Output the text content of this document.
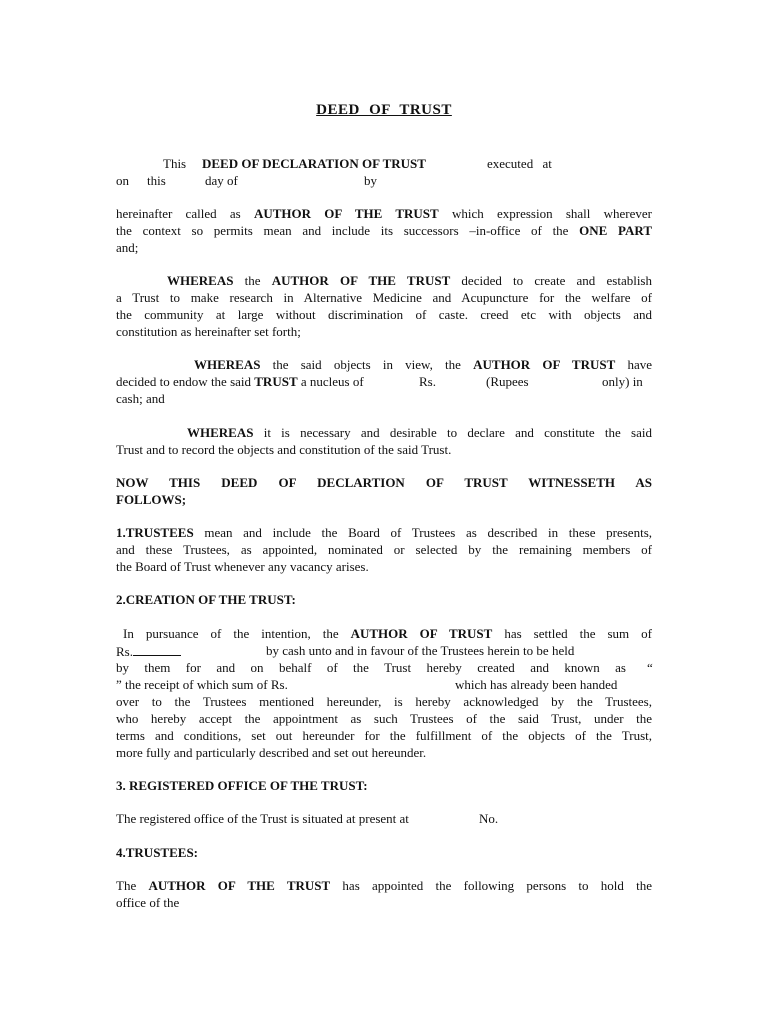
DEED OF TRUST
This DEED OF DECLARATION OF TRUST	executed at
on this	day of	by
hereinafter called as AUTHOR OF THE TRUST which expression shall wherever
the context so permits mean and include its successors –in-office of the ONE PART
and;
WHEREAS the AUTHOR OF THE TRUST decided to create and establish
a Trust to make research in Alternative Medicine and Acupuncture for the welfare of
the community at large without discrimination of caste. creed etc with objects and
constitution as hereinafter set forth;
WHEREAS the said objects in view, the AUTHOR OF TRUST have
decided to endow the said TRUST a nucleus of	Rs.	(Rupees	only) in
cash; and
WHEREAS it is necessary and desirable to declare and constitute the said
Trust and to record the objects and constitution of the said Trust.
NOW THIS DEED OF DECLARTION OF TRUST WITNESSETH AS
FOLLOWS;
1.TRUSTEES mean and include the Board of Trustees as described in these presents,
and these Trustees, as appointed, nominated or selected by the remaining members of
the Board of Trust whenever any vacancy arises.
2.CREATION OF THE TRUST:
In pursuance of the intention, the AUTHOR OF TRUST has settled the sum of
Rs.	by cash unto and in favour of the Trustees herein to be held
by them for and on behalf of the Trust hereby created and known as “
” the receipt of which sum of Rs.	which has already been handed
over to the Trustees mentioned hereunder, is hereby acknowledged by the Trustees,
who hereby accept the appointment as such Trustees of the said Trust, under the
terms and conditions, set out hereunder for the fulfillment of the objects of the Trust,
more fully and particularly described and set out hereunder.
3. REGISTERED OFFICE OF THE TRUST:
The registered office of the Trust is situated at present at	No.
4.TRUSTEES:
The AUTHOR OF THE TRUST has appointed the following persons to hold the
office of the
